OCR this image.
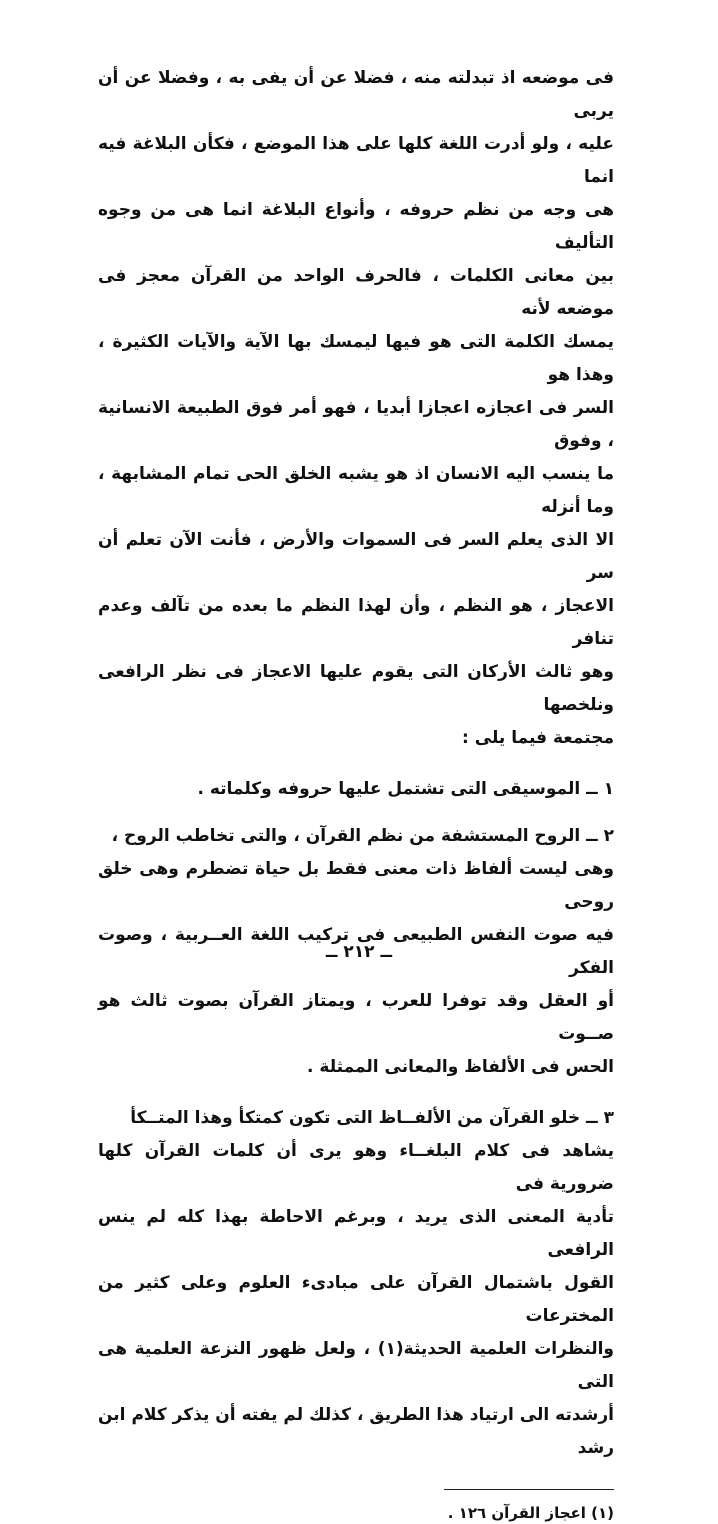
فى موضعه اذ تبدلته منه ، فضلا عن أن يفى به ، وفضلا عن أن يربى

عليه ، ولو أدرت اللغة كلها على هذا الموضع ، فكأن البلاغة فيه انما

هى وجه من نظم حروفه ، وأنواع البلاغة انما هى من وجوه التأليف

بين معانى الكلمات ، فالحرف الواحد من القرآن معجز فى موضعه لأنه

يمسك الكلمة التى هو فيها ليمسك بها الآية والآيات الكثيرة ، وهذا هو

السر فى اعجازه اعجازا أبديا ، فهو أمر فوق الطبيعة الانسانية ، وفوق

ما ينسب اليه الانسان اذ هو يشبه الخلق الحى تمام المشابهة ، وما أنزله

الا الذى يعلم السر فى السموات والأرض ، فأنت الآن تعلم أن سر

الاعجاز ، هو النظم ، وأن لهذا النظم ما بعده من تآلف وعدم تنافر

وهو ثالث الأركان التى يقوم عليها الاعجاز فى نظر الرافعى ونلخصها

مجتمعة فيما يلى :

١ ــ الموسيقى التى تشتمل عليها حروفه وكلماته .

٢ ــ الروح المستشفة من نظم القرآن ، والتى تخاطب الروح ،

وهى ليست ألفاظ ذات معنى فقط بل حياة تضطرم وهى خلق روحى

فيه صوت النفس الطبيعى فى تركيب اللغة العــربية ، وصوت الفكر

أو العقل وقد توفرا للعرب ، ويمتاز القرآن بصوت ثالث هو صــوت

الحس فى الألفاظ والمعانى الممثلة .

٣ ــ خلو القرآن من الألفــاظ التى تكون كمتكأ وهذا المتــكأ

يشاهد فى كلام البلغــاء وهو يرى أن كلمات القرآن كلها ضرورية فى

تأدية المعنى الذى يريد ، وبرغم الاحاطة بهذا كله لم ينس الرافعى

القول باشتمال القرآن على مبادىء العلوم وعلى كثير من المخترعات

والنظرات العلمية الحديثة(١) ، ولعل ظهور النزعة العلمية هى التى

أرشدته الى ارتياد هذا الطريق ، كذلك لم يفته أن يذكر كلام ابن رشد

(١) اعجاز القرآن ١٢٦ .
ــ ٢١٢ ــ
